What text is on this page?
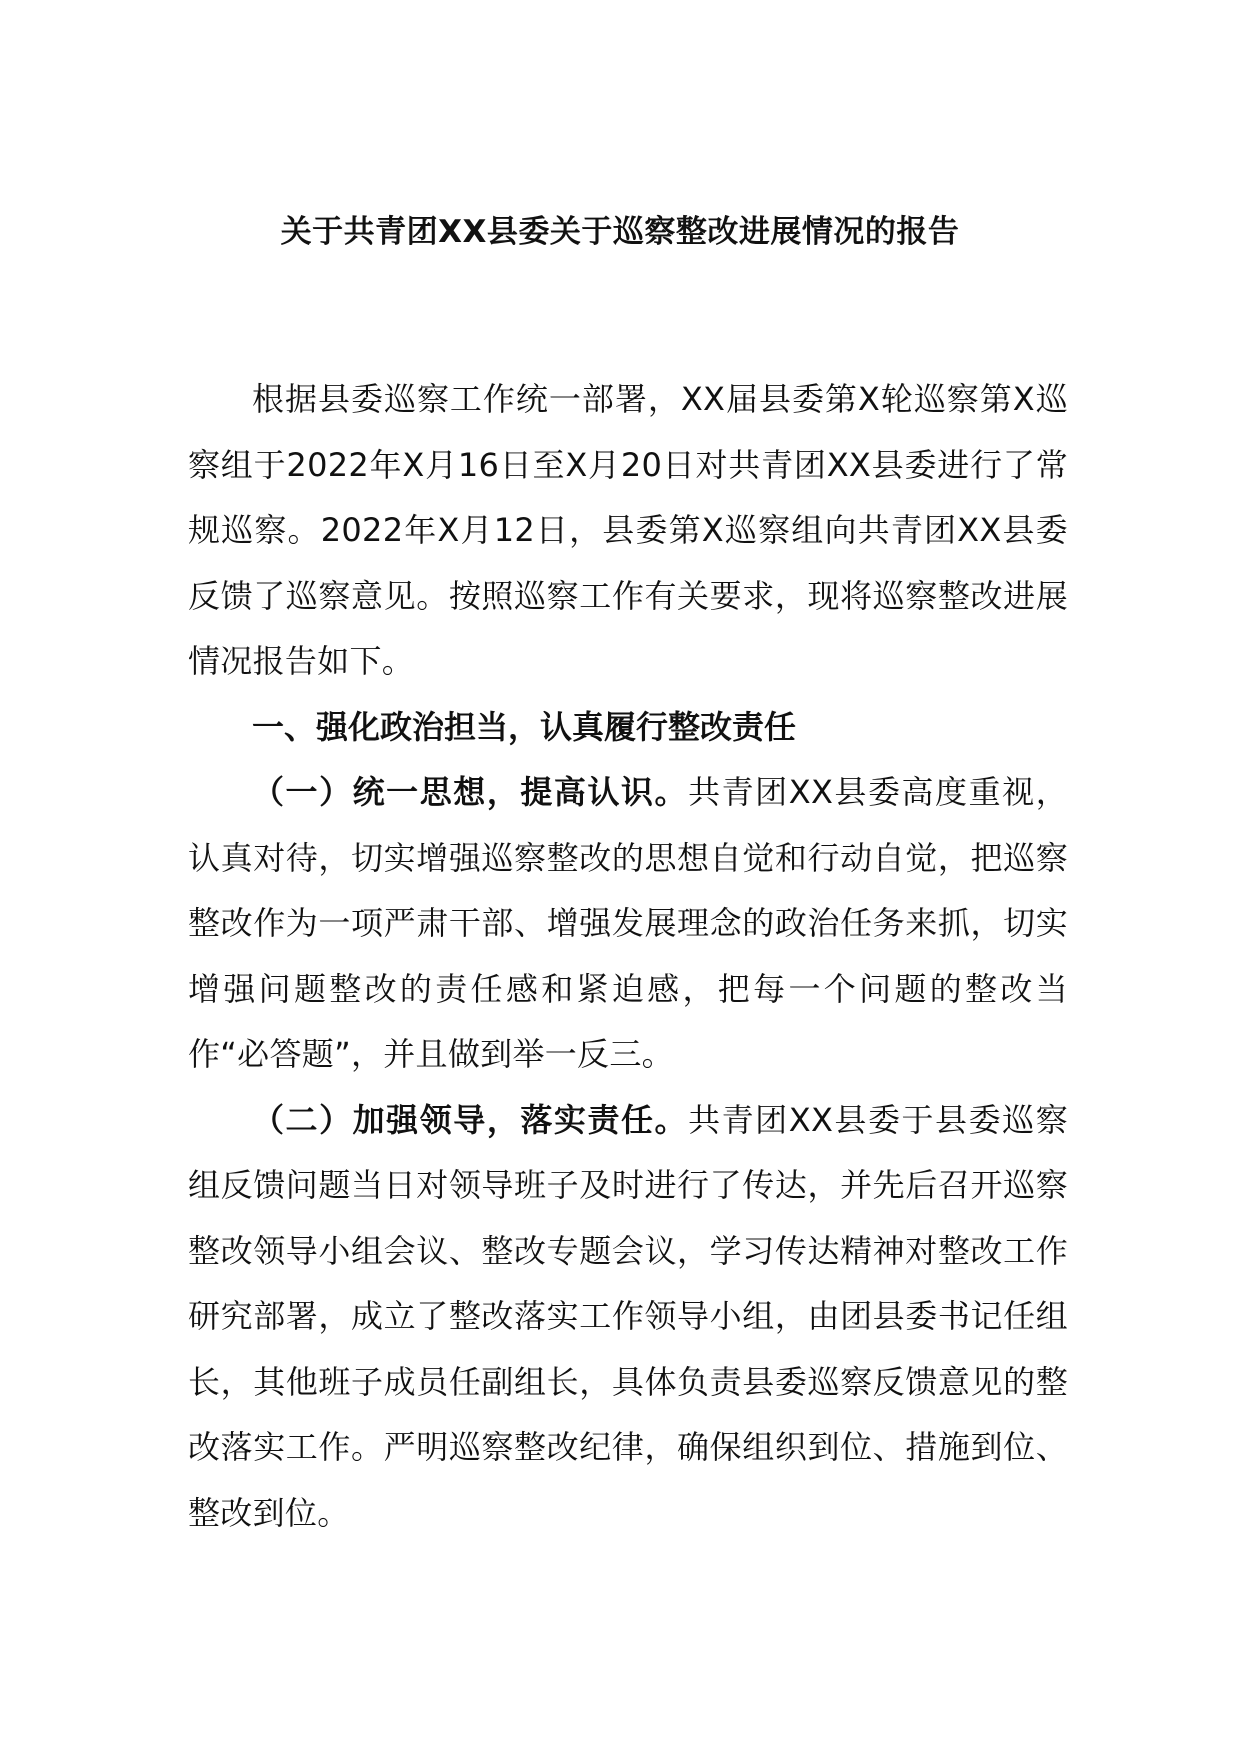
关于共青团XX县委关于巡察整改进展情况的报告

根据县委巡察工作统一部署，XX届县委第X轮巡察第X巡察组于2022年X月16日至X月20日对共青团XX县委进行了常规巡察。2022年X月12日，县委第X巡察组向共青团XX县委反馈了巡察意见。按照巡察工作有关要求，现将巡察整改进展情况报告如下。

一、强化政治担当，认真履行整改责任

（一）统一思想，提高认识。共青团XX县委高度重视，认真对待，切实增强巡察整改的思想自觉和行动自觉，把巡察整改作为一项严肃干部、增强发展理念的政治任务来抓，切实增强问题整改的责任感和紧迫感，把每一个问题的整改当作“必答题”，并且做到举一反三。

（二）加强领导，落实责任。共青团XX县委于县委巡察组反馈问题当日对领导班子及时进行了传达，并先后召开巡察整改领导小组会议、整改专题会议，学习传达精神对整改工作研究部署，成立了整改落实工作领导小组，由团县委书记任组长，其他班子成员任副组长，具体负责县委巡察反馈意见的整改落实工作。严明巡察整改纪律，确保组织到位、措施到位、整改到位。
